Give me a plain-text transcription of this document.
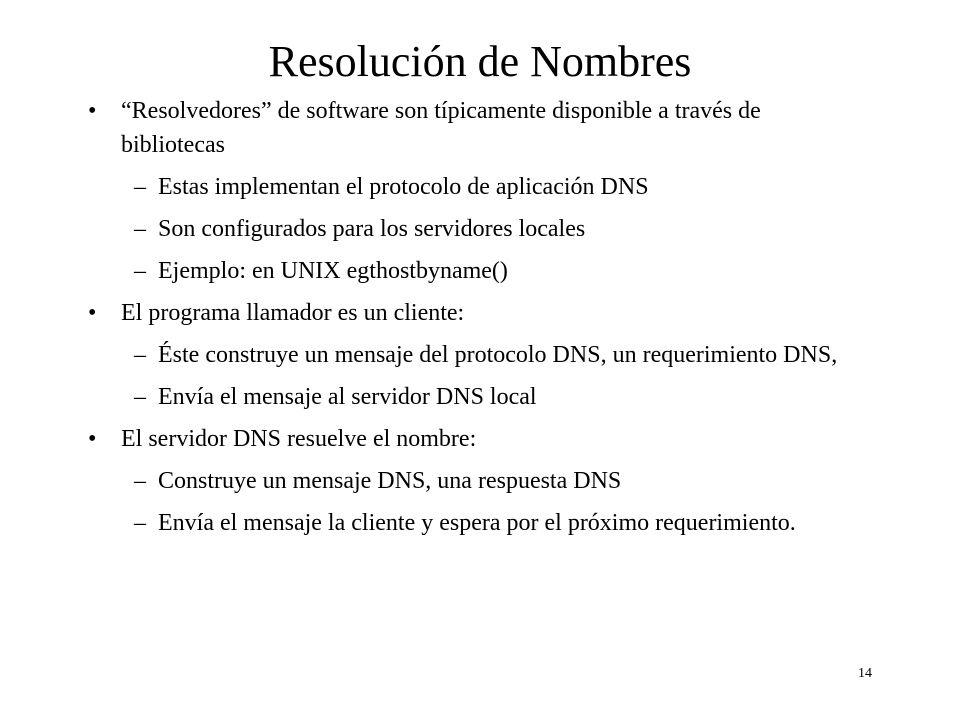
Resolución de Nombres
• “Resolvedores” de software son típicamente disponible a través de bibliotecas
– Estas implementan el protocolo de aplicación DNS
– Son configurados para los servidores locales
– Ejemplo: en UNIX egthostbyname()
• El programa llamador es un cliente:
– Éste construye un mensaje del protocolo DNS, un requerimiento DNS,
– Envía el mensaje al servidor DNS local
• El servidor DNS resuelve el nombre:
– Construye un mensaje DNS, una respuesta DNS
– Envía el mensaje la cliente y espera por el próximo requerimiento.
14
